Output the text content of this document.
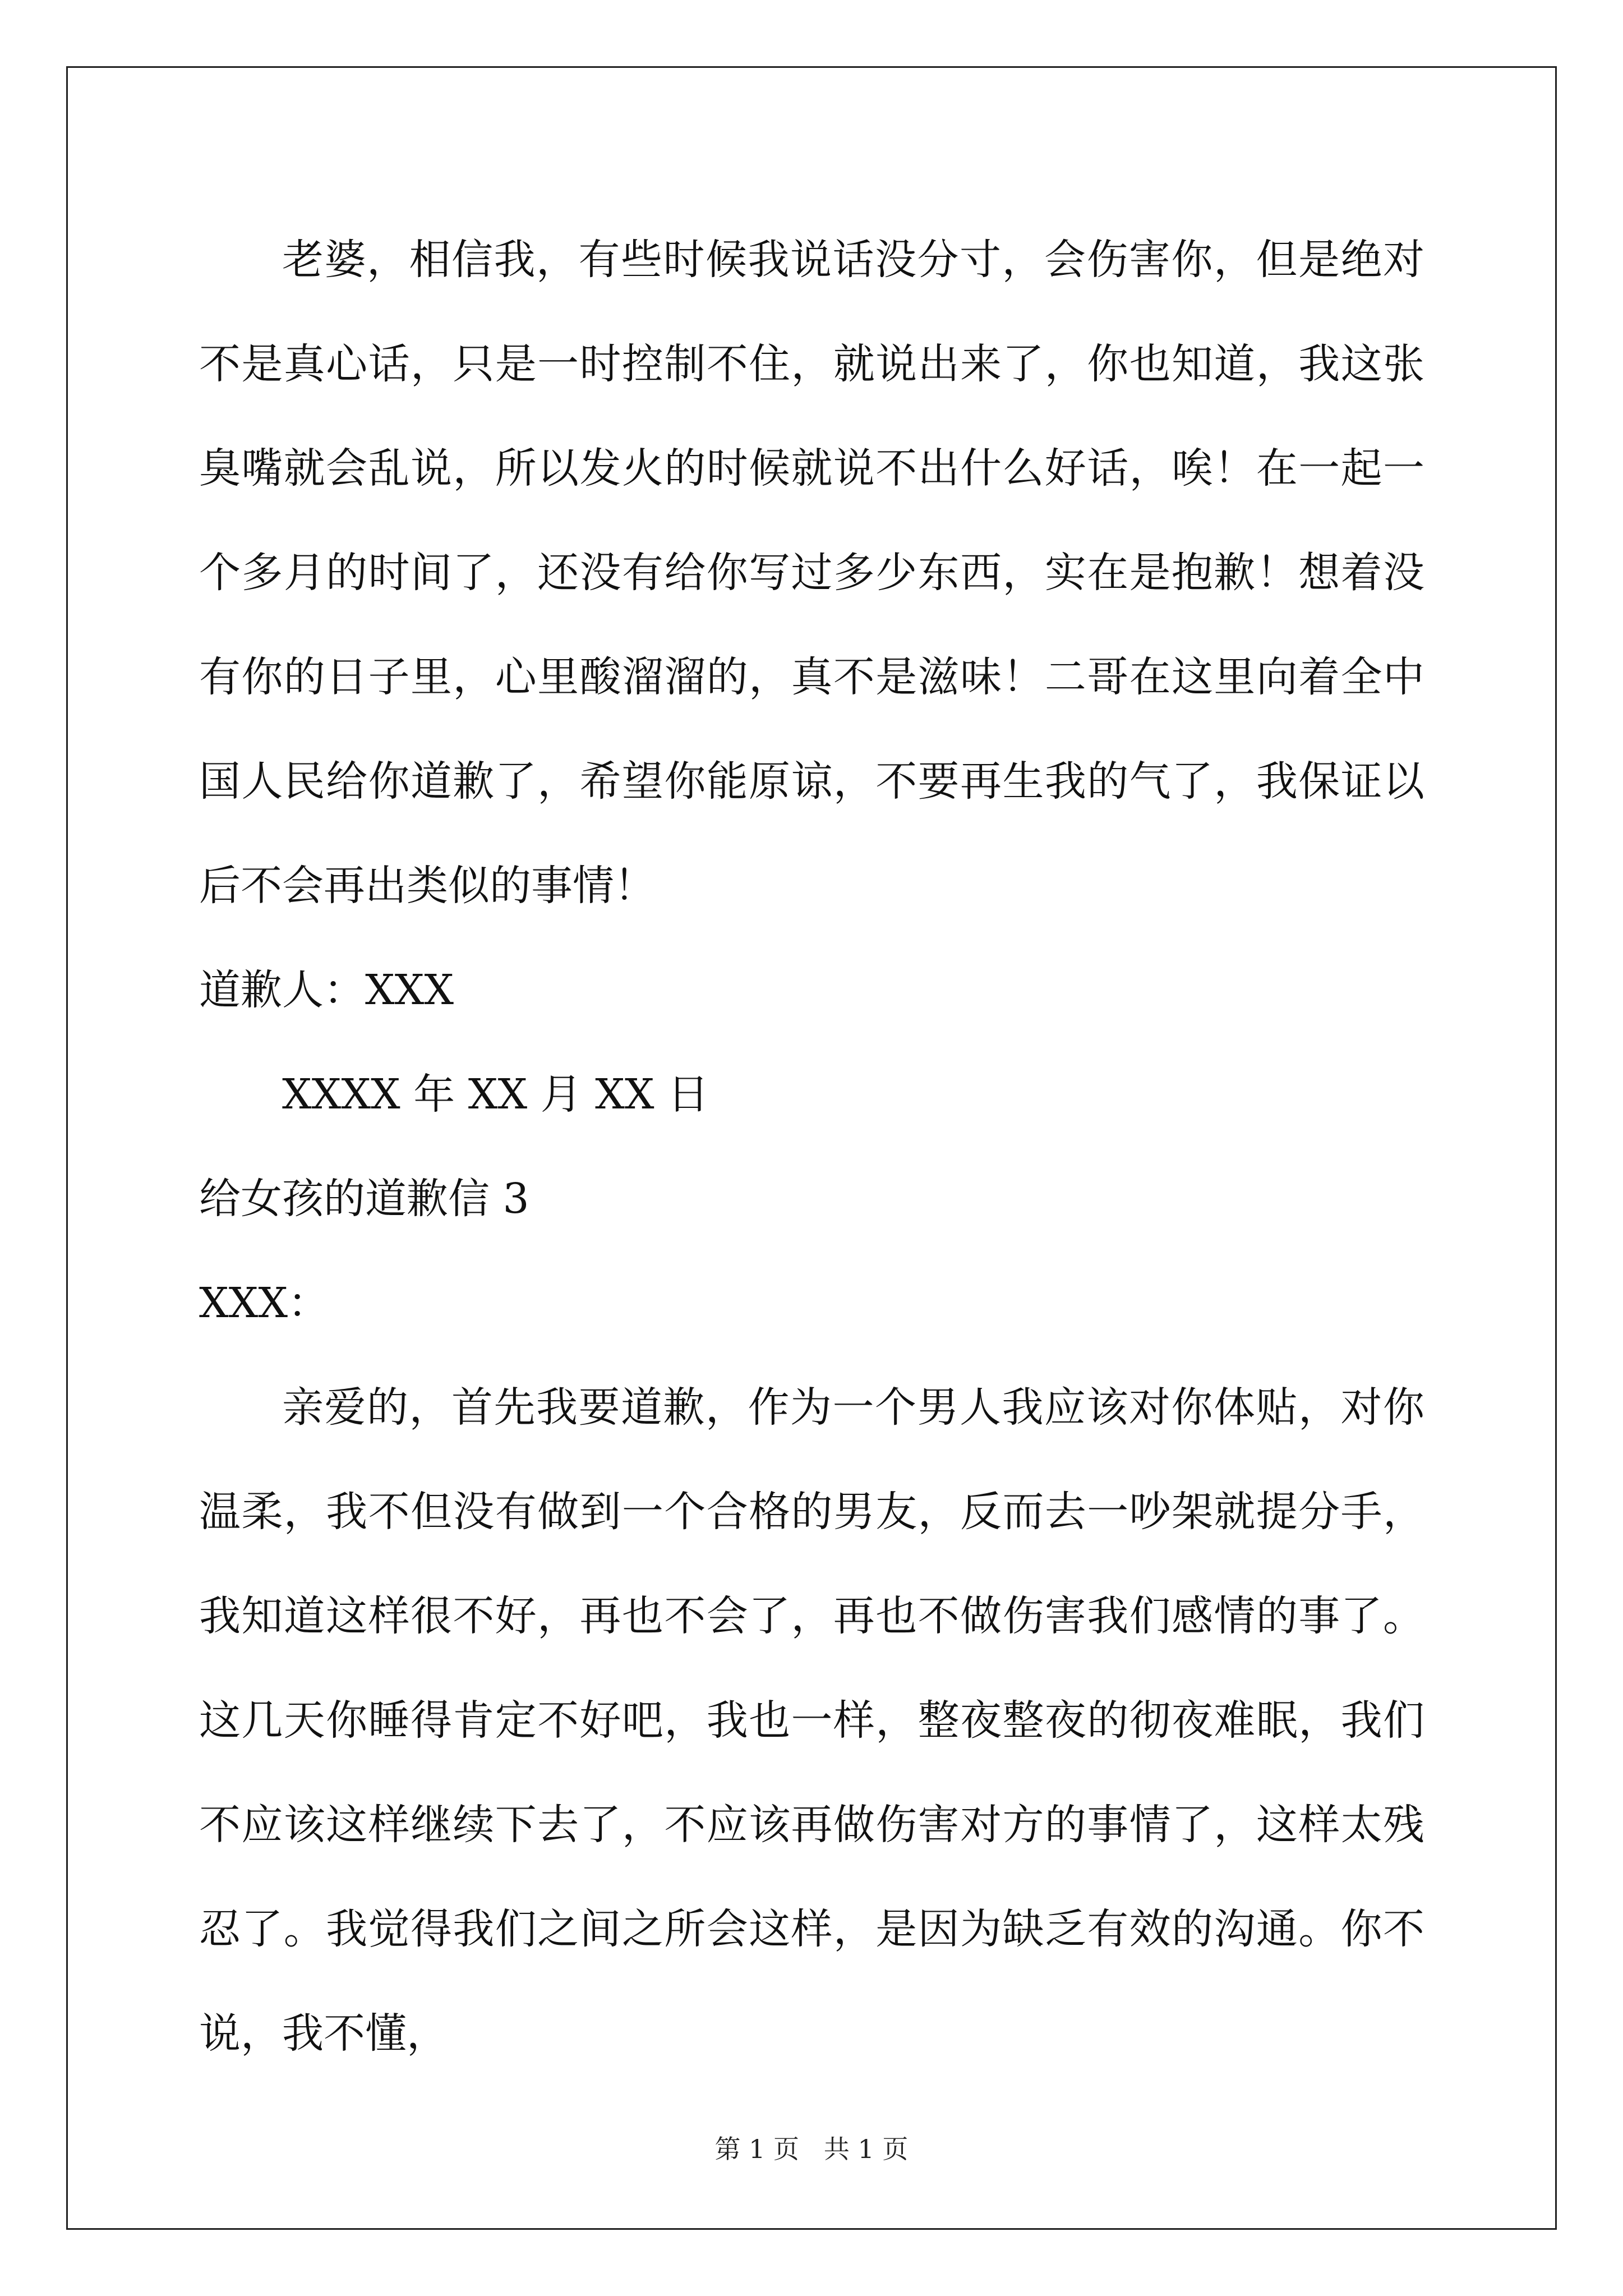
老婆，相信我，有些时候我说话没分寸，会伤害你，但是绝对不是真心话，只是一时控制不住，就说出来了，你也知道，我这张臭嘴就会乱说，所以发火的时候就说不出什么好话，唉！在一起一个多月的时间了，还没有给你写过多少东西，实在是抱歉！想着没有你的日子里，心里酸溜溜的，真不是滋味！二哥在这里向着全中国人民给你道歉了，希望你能原谅，不要再生我的气了，我保证以后不会再出类似的事情！

道歉人：XXX

XXXX 年 XX 月 XX 日

给女孩的道歉信 3

XXX：

亲爱的，首先我要道歉，作为一个男人我应该对你体贴，对你温柔，我不但没有做到一个合格的男友，反而去一吵架就提分手，我知道这样很不好，再也不会了，再也不做伤害我们感情的事了。这几天你睡得肯定不好吧，我也一样，整夜整夜的彻夜难眠，我们不应该这样继续下去了，不应该再做伤害对方的事情了，这样太残忍了。我觉得我们之间之所会这样，是因为缺乏有效的沟通。你不说，我不懂，

第 1 页   共 1 页
